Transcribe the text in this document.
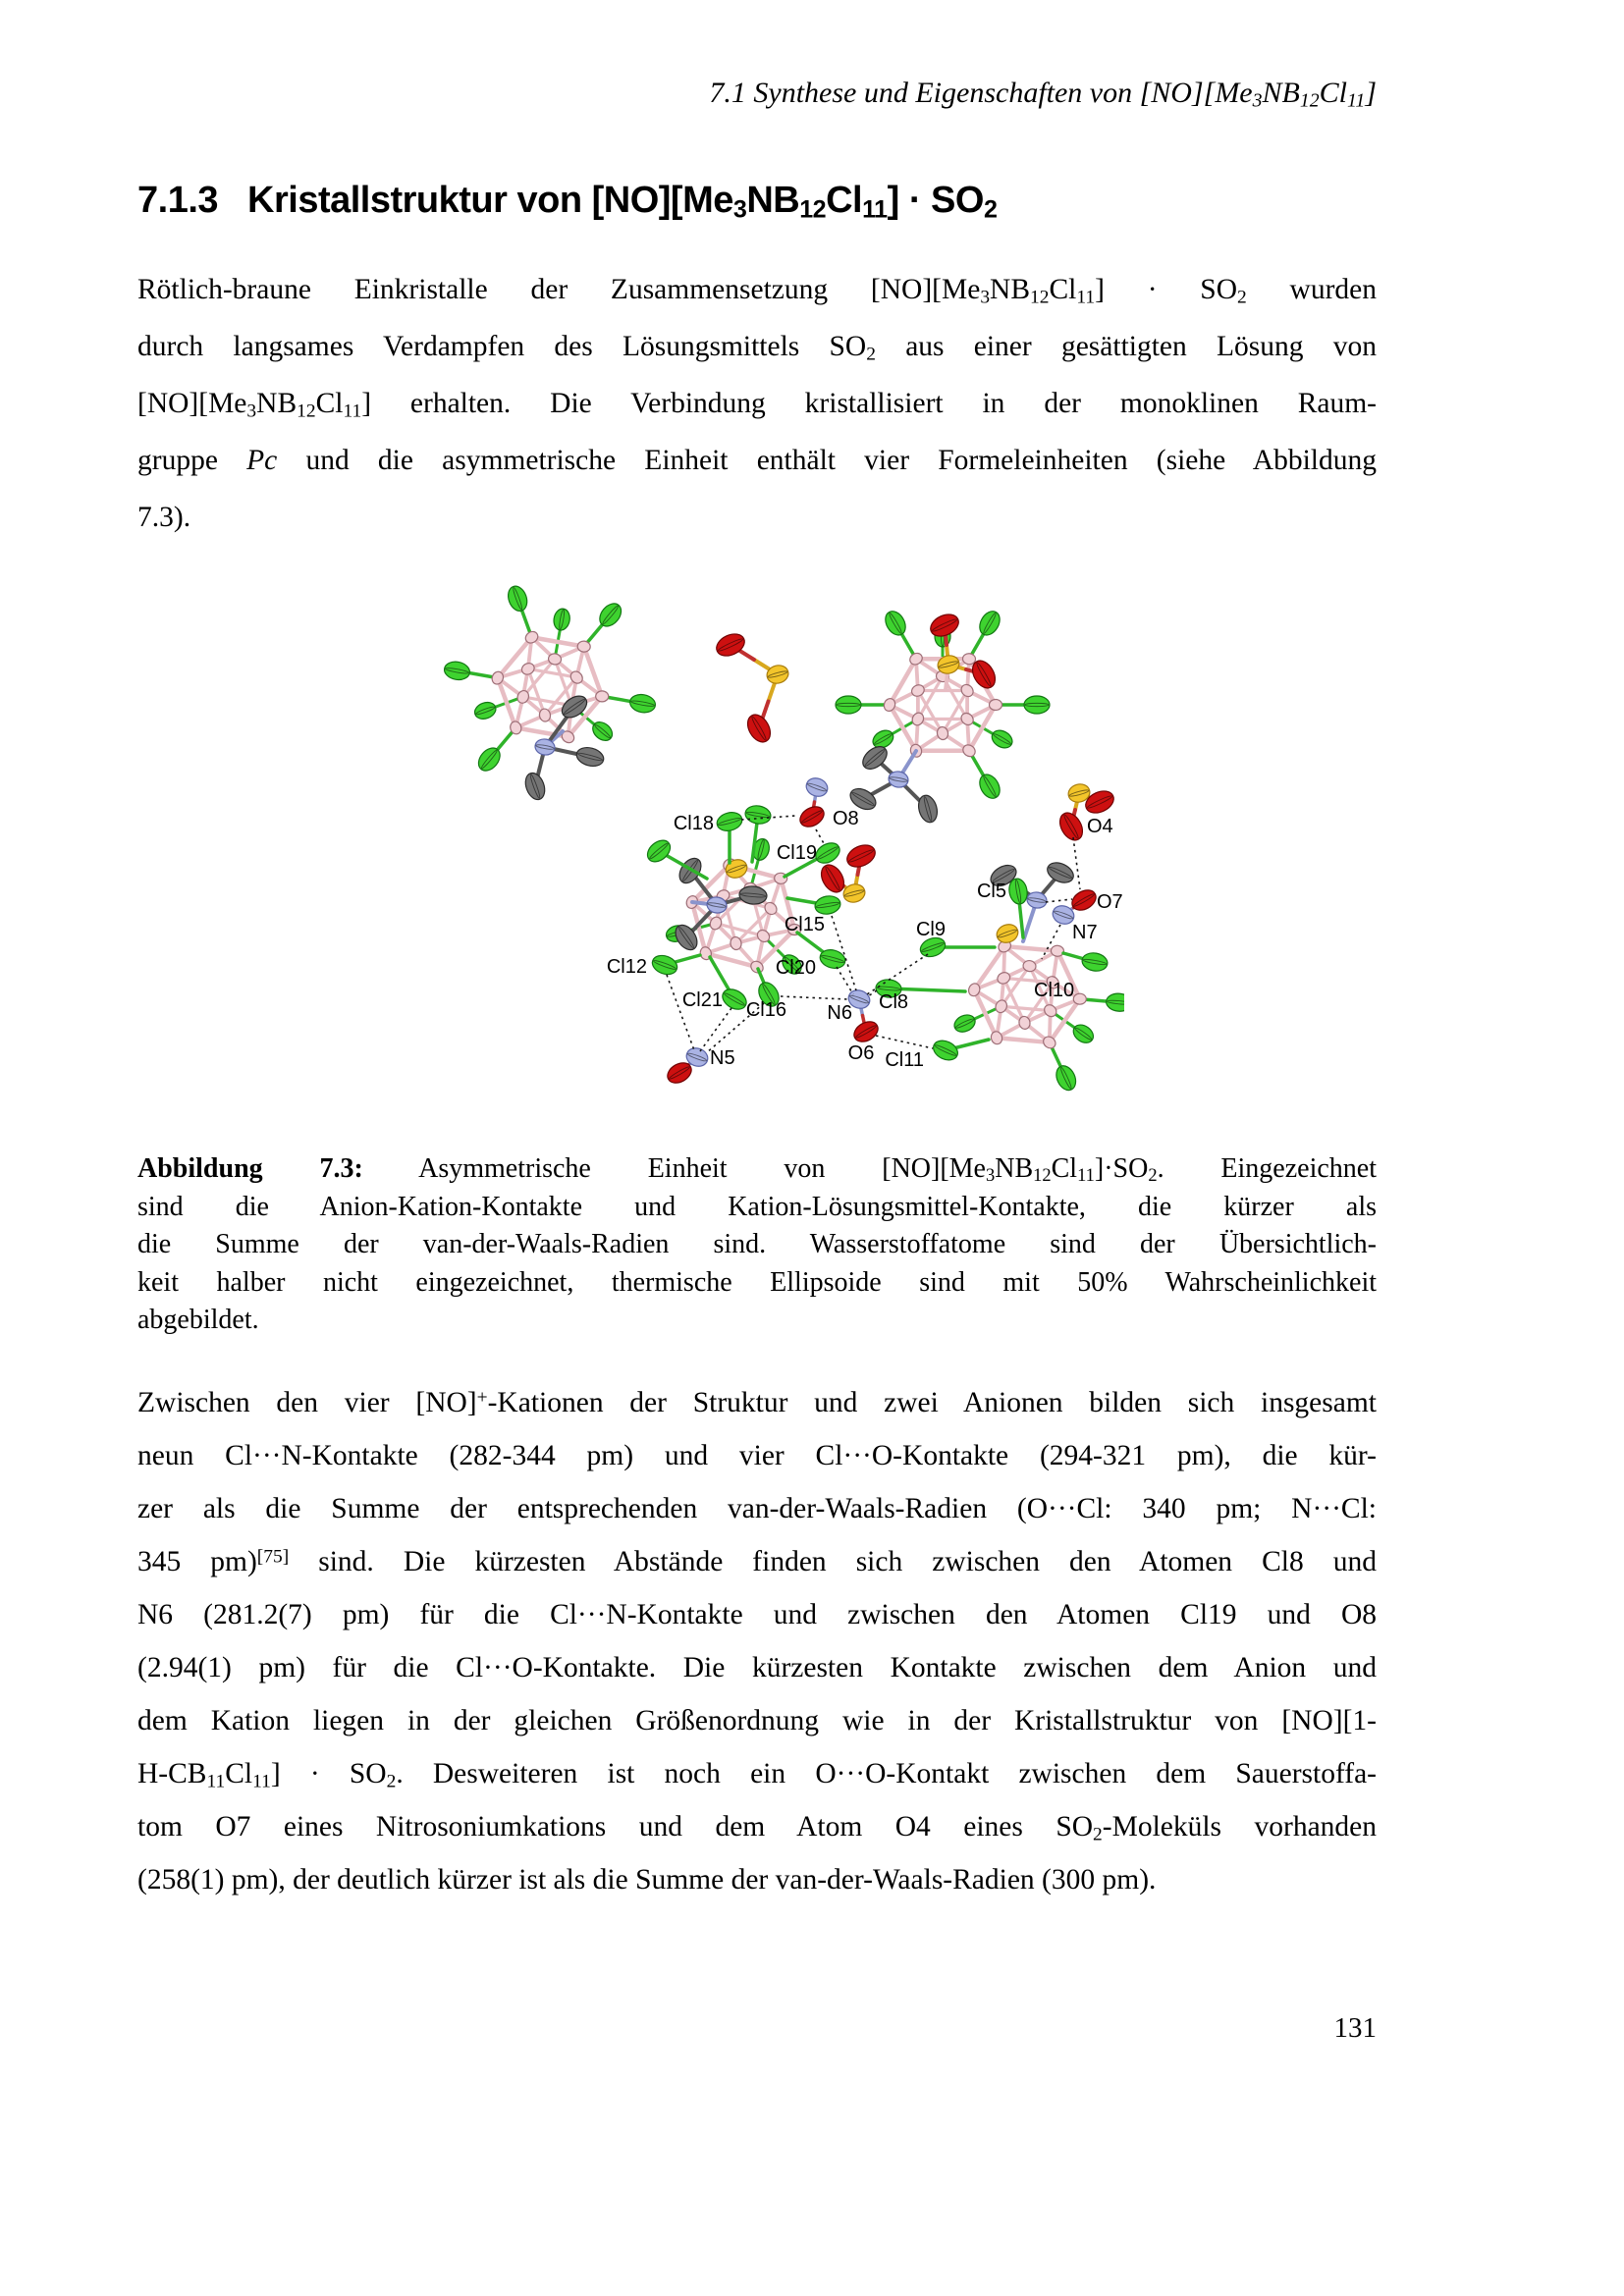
7.1 Synthese und Eigenschaften von $[NO][Me_3NB_{12}Cl_{11}]$
7.1.3 Kristallstruktur von $[NO][Me_3NB_{12}Cl_{11}] \cdot SO_2$
Rötlich-braune Einkristalle der Zusammensetzung $[NO][Me_3NB_{12}Cl_{11}] \cdot SO_2$ wurden
durch langsames Verdampfen des Lösungsmittels $SO_2$ aus einer gesättigten Lösung von
$[NO][Me_3NB_{12}Cl_{11}]$ erhalten. Die Verbindung kristallisiert in der monoklinen Raum-
gruppe Pc und die asymmetrische Einheit enthält vier Formeleinheiten (siehe Abbildung
7.3).
Cl18	O8
Cl19
Cl15
Cl20
Cl16
Cl21
Cl12
N6 Cl8
O6 Cl11
N5
Cl9
Cl5
O4
O7
N7
Cl10
Abbildung 7.3: Asymmetrische Einheit von $[NO][Me_3NB_{12}Cl_{11}]\cdot SO_2$. Eingezeichnet
sind die Anion-Kation-Kontakte und Kation-Lösungsmittel-Kontakte, die kürzer als
die Summe der van-der-Waals-Radien sind. Wasserstoffatome sind der Übersichtlich-
keit halber nicht eingezeichnet, thermische Ellipsoide sind mit 50% Wahrscheinlichkeit
abgebildet.
Zwischen den vier [NO]+-Kationen der Struktur und zwei Anionen bilden sich insgesamt
neun Cl···N-Kontakte (282-344 pm) und vier Cl···O-Kontakte (294-321 pm), die kür-
zer als die Summe der entsprechenden van-der-Waals-Radien (O···Cl: 340 pm; N···Cl:
345 pm)[75] sind. Die kürzesten Abstände finden sich zwischen den Atomen Cl8 und
N6 (281.2(7) pm) für die Cl···N-Kontakte und zwischen den Atomen Cl19 und O8
(2.94(1) pm) für die Cl···O-Kontakte. Die kürzesten Kontakte zwischen dem Anion und
dem Kation liegen in der gleichen Größenordnung wie in der Kristallstruktur von [NO][1-
$H-CB_{11}Cl_{11}] \cdot SO_2$. Desweiteren ist noch ein O···O-Kontakt zwischen dem Sauerstoffa-
tom O7 eines Nitrosoniumkations und dem Atom O4 eines $SO_2$-Moleküls vorhanden
(258(1) pm), der deutlich kürzer ist als die Summe der van-der-Waals-Radien (300 pm).
131
